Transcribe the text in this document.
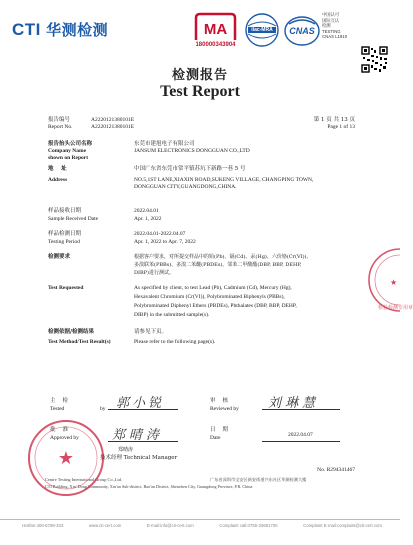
CTI 华测检测	MA
180000343904
ilac-MRA	CNAS
中国认可
国际互认
检测
TESTING
CNAS L1910
检测报告
Test Report
报告编号
Report No.
A2220121380101E
A2220121380101E
第 1 页 共 13 页
Page 1 of 13
报告抬头公司名称
Company Name
shown on Report
东莞市建旭电子有限公司
JANSUM ELECTRONICS DONGGUAN CO.,LTD
地    址
Address
中国广东省东莞市常平镇苏坑下新路一巷 5 号
NO.5,1ST LANE,XIAXIN ROAD,SUKENG VILLAGE, CHANGPING TOWN,
DONGGUAN CITY,GUANGDONG,CHINA.
样品接收日期
Sample Received Date
2022.04.01
Apr. 1, 2022
样品检测日期
Testing Period
2022.04.01-2022.04.07
Apr. 1, 2022 to Apr. 7, 2022
检测要求
Test Requested
根据客户要求，对所提交样品中的铅(Pb)、镉(Cd)、汞(Hg)、六价铬(Cr(VI))、
多溴联苯(PBBs)、多溴二苯醚(PBDEs)、邻苯二甲酸酯(DBP, BBP, DEHP,
DIBP)进行测试。
As specified by client, to test Lead (Pb), Cadmium (Cd), Mercury (Hg),
Hexavalent Chromium (Cr(VI)), Polybrominated Biphenyls (PBBs),
Polybrominated Diphenyl Ethers (PBDEs), Phthalates (DBP, BBP, DEHP,
DIBP) in the submitted sample(s).
检测依据/检测结果
Test Method/Test Result(s)
请参见下页。
Please refer to the following page(s).
★
检验检测专用章
主    检
Tested	by 郭小锐	审    核
Reviewed by 刘琳慧
★
批    准
Approved by	郑晴涛	日    期
Date	2022.04.07
郑晴涛
技术经理 Technical Manager
No. R294341467
Centre Testing International Group Co.,Ltd.
CTI Building, Xin' Dong Community, Xin'an Sub-district, Bao'an District, Shenzhen City, Guangdong Province, P.R. China
广东省深圳市宝安区新安街道兴东社区华测检测大楼
Hotline:400-6788-333	www.cti-cert.com	E-mail:info@cti-cert.com	Complaint call:0755-33681700	Complaint E-mail:complaint@cti-cert.com
